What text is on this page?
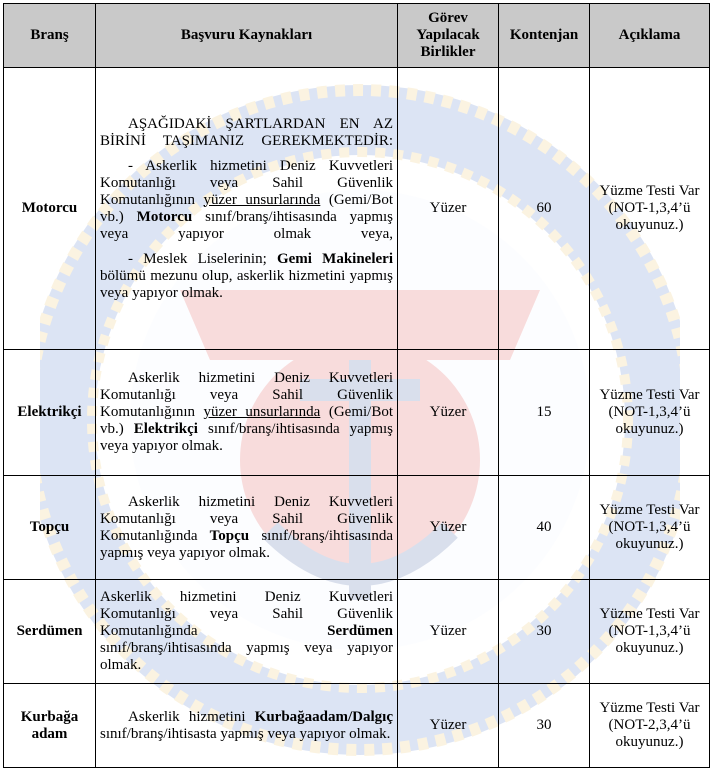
Branş	Başvuru Kaynakları	Görev Yapılacak Birlikler	Kontenjan	Açıklama
Motorcu	AŞAĞIDAKİ ŞARTLARDAN EN AZ BİRİNİ TAŞIMANIZ GEREKMEKTEDİR:

- Askerlik hizmetini Deniz Kuvvetleri Komutanlığı veya Sahil Güvenlik Komutanlığının yüzer unsurlarında (Gemi/Bot vb.) Motorcu sınıf/branş/ihtisasında yapmış veya yapıyor olmak veya,

- Meslek Liselerinin; Gemi Makineleri bölümü mezunu olup, askerlik hizmetini yapmış veya yapıyor olmak.	Yüzer	60	Yüzme Testi Var (NOT-1,3,4’ü okuyunuz.)
Elektrikçi	Askerlik hizmetini Deniz Kuvvetleri Komutanlığı veya Sahil Güvenlik Komutanlığının yüzer unsurlarında (Gemi/Bot vb.) Elektrikçi sınıf/branş/ihtisasında yapmış veya yapıyor olmak.	Yüzer	15	Yüzme Testi Var (NOT-1,3,4’ü okuyunuz.)
Topçu	Askerlik hizmetini Deniz Kuvvetleri Komutanlığı veya Sahil Güvenlik Komutanlığında Topçu sınıf/branş/ihtisasında yapmış veya yapıyor olmak.	Yüzer	40	Yüzme Testi Var (NOT-1,3,4’ü okuyunuz.)
Serdümen	Askerlik hizmetini Deniz Kuvvetleri Komutanlığı veya Sahil Güvenlik Komutanlığında Serdümen sınıf/branş/ihtisasında yapmış veya yapıyor olmak.	Yüzer	30	Yüzme Testi Var (NOT-1,3,4’ü okuyunuz.)
Kurbağa adam	Askerlik hizmetini Kurbağaadam/Dalgıç sınıf/branş/ihtisasta yapmış veya yapıyor olmak.	Yüzer	30	Yüzme Testi Var (NOT-2,3,4’ü okuyunuz.)
